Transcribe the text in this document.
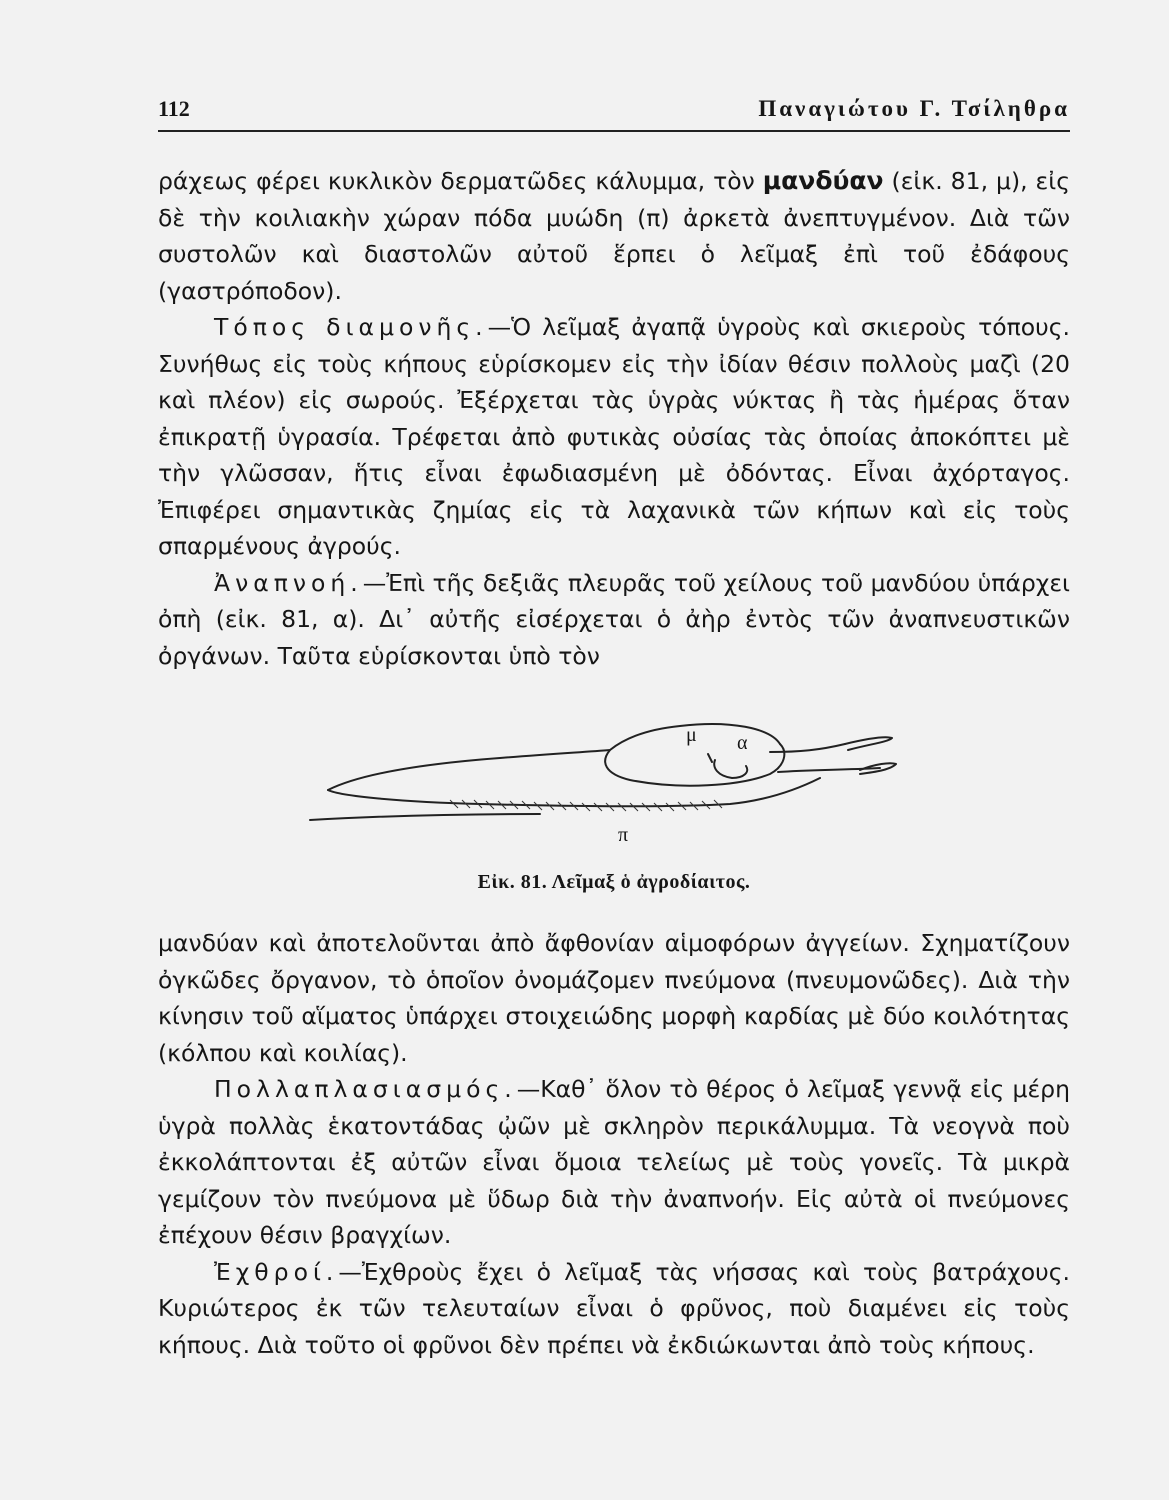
112	Παναγιώτου Γ. Τσίληθρα

ράχεως φέρει κυκλικὸν δερματῶδες κάλυμμα, τὸν μανδύαν (εἰκ. 81, μ), εἰς δὲ τὴν κοιλιακὴν χώραν πόδα μυώδη (π) ἀρκετὰ ἀνεπτυγμένον. Διὰ τῶν συστολῶν καὶ διαστολῶν αὐτοῦ ἕρπει ὁ λεῖμαξ ἐπὶ τοῦ ἐδάφους (γαστρόποδον).

Τόπος διαμονῆς.—Ὁ λεῖμαξ ἀγαπᾷ ὑγροὺς καὶ σκιεροὺς τόπους. Συνήθως εἰς τοὺς κήπους εὑρίσκομεν εἰς τὴν ἰδίαν θέσιν πολλοὺς μαζὶ (20 καὶ πλέον) εἰς σωρούς. Ἐξέρχεται τὰς ὑγρὰς νύκτας ἢ τὰς ἡμέρας ὅταν ἐπικρατῇ ὑγρασία. Τρέφεται ἀπὸ φυτικὰς οὐσίας τὰς ὁποίας ἀποκόπτει μὲ τὴν γλῶσσαν, ἥτις εἶναι ἐφωδιασμένη μὲ ὀδόντας. Εἶναι ἀχόρταγος. Ἐπιφέρει σημαντικὰς ζημίας εἰς τὰ λαχανικὰ τῶν κήπων καὶ εἰς τοὺς σπαρμένους ἀγρούς.

Ἀναπνοή.—Ἐπὶ τῆς δεξιᾶς πλευρᾶς τοῦ χείλους τοῦ μανδύου ὑπάρχει ὀπὴ (εἰκ. 81, α). Δι᾽ αὐτῆς εἰσέρχεται ὁ ἀὴρ ἐντὸς τῶν ἀναπνευστικῶν ὀργάνων. Ταῦτα εὑρίσκονται ὑπὸ τὸν

μ α
π
Εἰκ. 81. Λεῖμαξ ὁ ἀγροδίαιτος.

μανδύαν καὶ ἀποτελοῦνται ἀπὸ ἄφθονίαν αἱμοφόρων ἀγγείων. Σχηματίζουν ὀγκῶδες ὄργανον, τὸ ὁποῖον ὀνομάζομεν πνεύμονα (πνευμονῶδες). Διὰ τὴν κίνησιν τοῦ αἵματος ὑπάρχει στοιχειώδης μορφὴ καρδίας μὲ δύο κοιλότητας (κόλπου καὶ κοιλίας).

Πολλαπλασιασμός.—Καθ᾽ ὅλον τὸ θέρος ὁ λεῖμαξ γεννᾷ εἰς μέρη ὑγρὰ πολλὰς ἑκατοντάδας ᾠῶν μὲ σκληρὸν περικάλυμμα. Τὰ νεογνὰ ποὺ ἐκκολάπτονται ἐξ αὐτῶν εἶναι ὅμοια τελείως μὲ τοὺς γονεῖς. Τὰ μικρὰ γεμίζουν τὸν πνεύμονα μὲ ὕδωρ διὰ τὴν ἀναπνοήν. Εἰς αὐτὰ οἱ πνεύμονες ἐπέχουν θέσιν βραγχίων.

Ἐχθροί.—Ἐχθροὺς ἔχει ὁ λεῖμαξ τὰς νήσσας καὶ τοὺς βατράχους. Κυριώτερος ἐκ τῶν τελευταίων εἶναι ὁ φρῦνος, ποὺ διαμένει εἰς τοὺς κήπους. Διὰ τοῦτο οἱ φρῦνοι δὲν πρέπει νὰ ἐκδιώκωνται ἀπὸ τοὺς κήπους.
